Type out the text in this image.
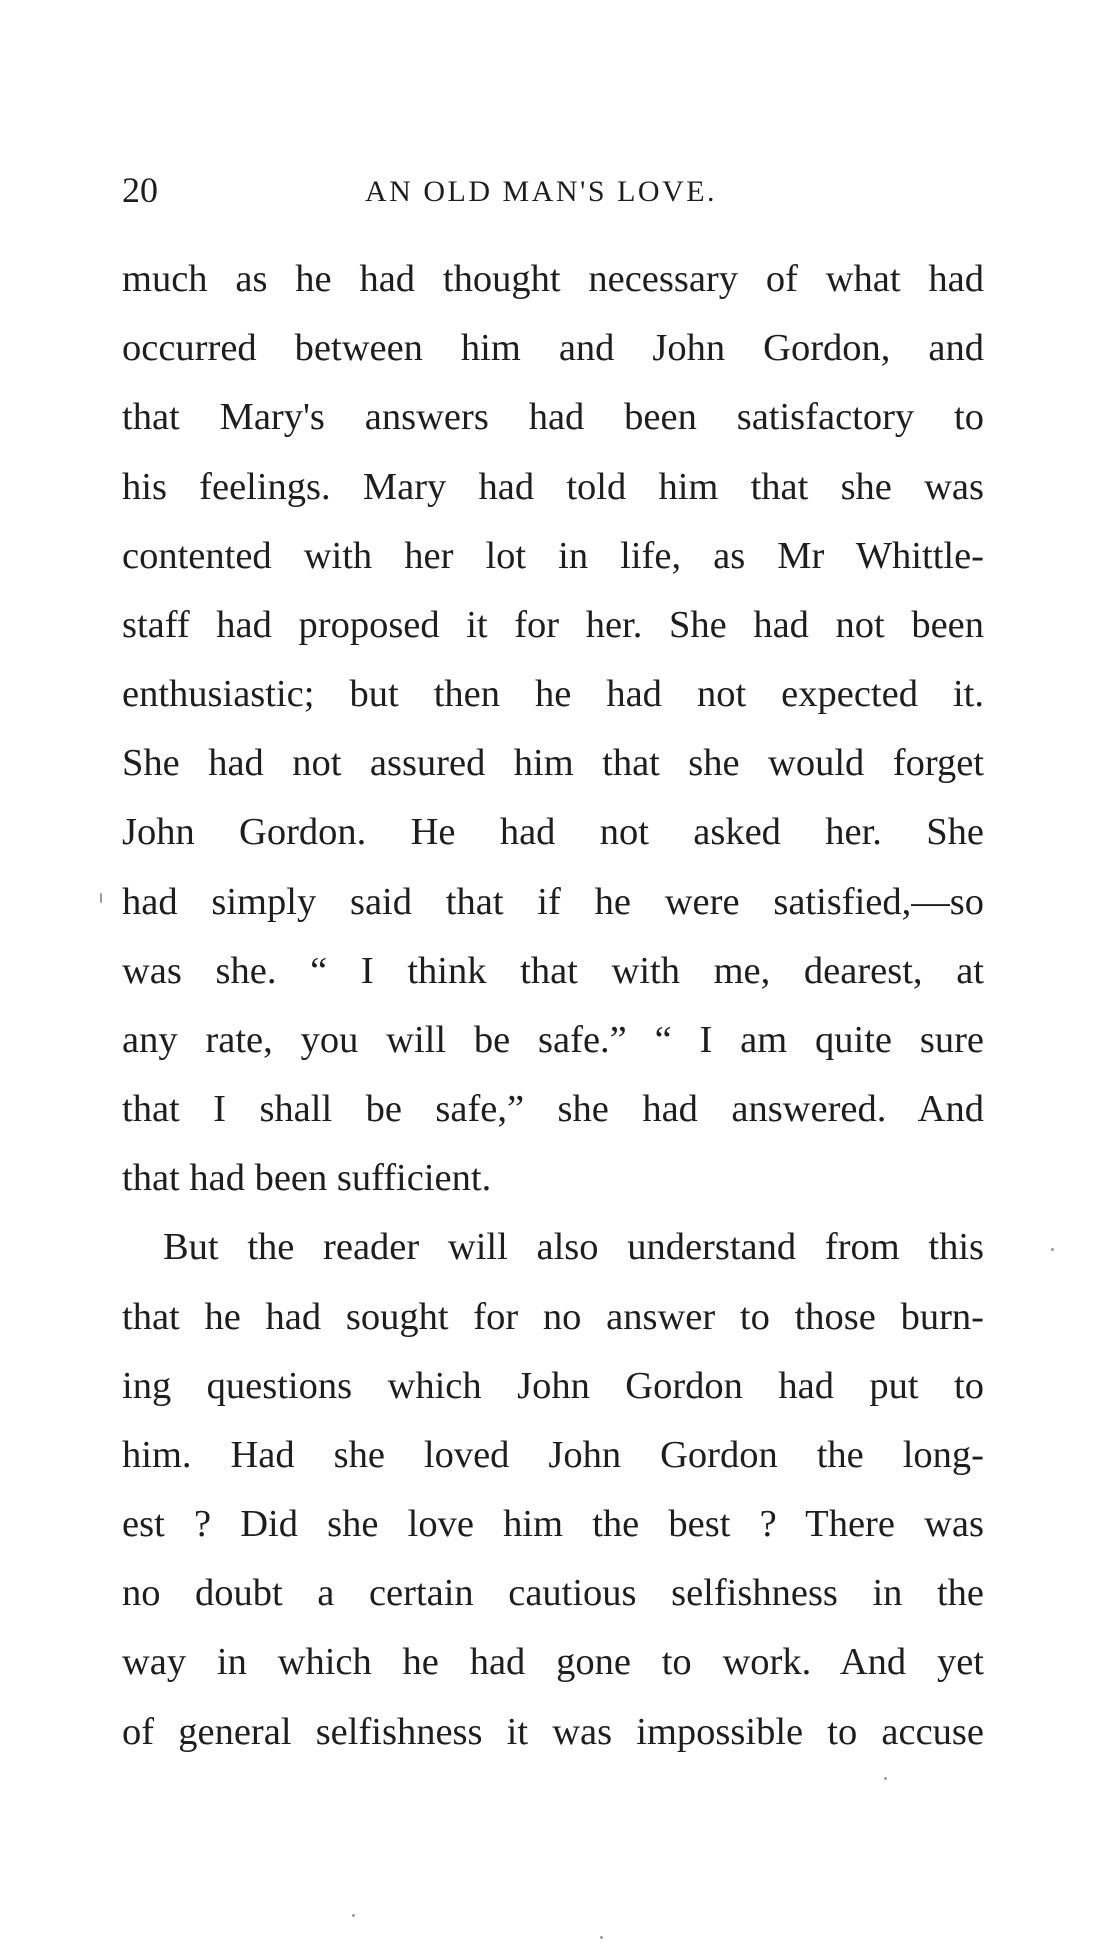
20	AN OLD MAN'S LOVE.
much as he had thought necessary of what had
occurred between him and John Gordon, and
that Mary's answers had been satisfactory to
his feelings. Mary had told him that she was
contented with her lot in life, as Mr Whittle-
staff had proposed it for her. She had not been
enthusiastic; but then he had not expected it.
She had not assured him that she would forget
John Gordon. He had not asked her. She
had simply said that if he were satisfied,—so
was she. “ I think that with me, dearest, at
any rate, you will be safe.” “ I am quite sure
that I shall be safe,” she had answered. And
that had been sufficient.
But the reader will also understand from this
that he had sought for no answer to those burn-
ing questions which John Gordon had put to
him. Had she loved John Gordon the long-
est ? Did she love him the best ? There was
no doubt a certain cautious selfishness in the
way in which he had gone to work. And yet
of general selfishness it was impossible to accuse
